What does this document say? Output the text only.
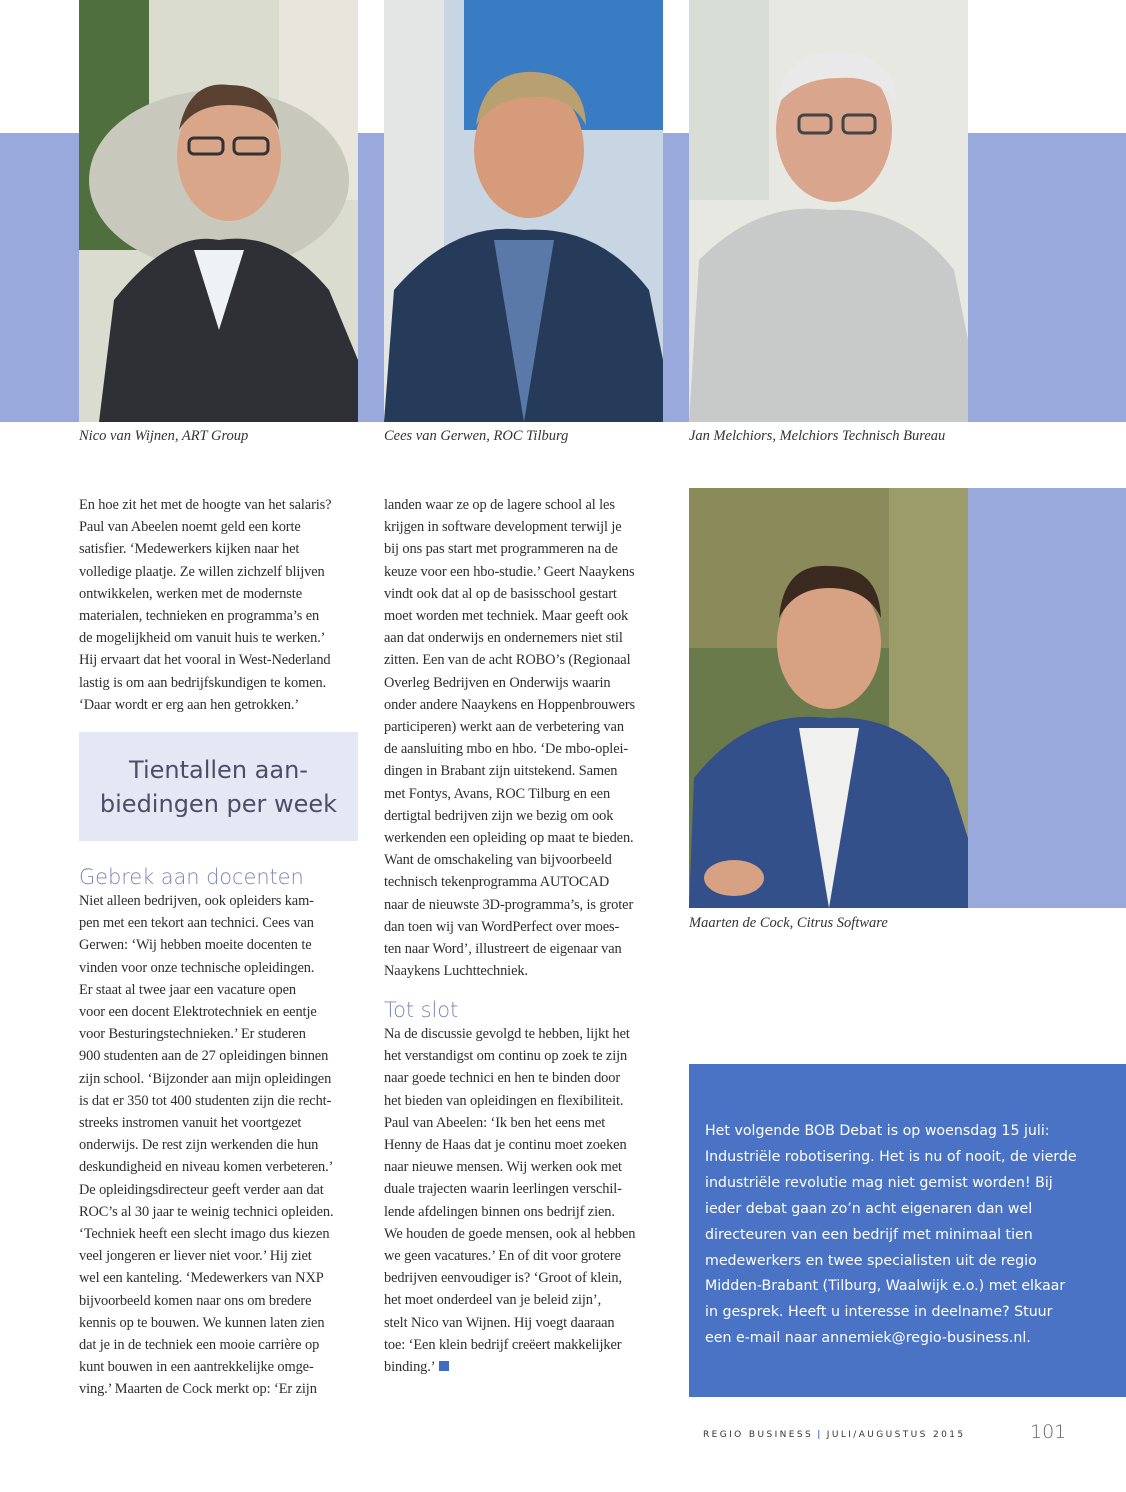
Nico van Wijnen, ART Group	Cees van Gerwen, ROC Tilburg	Jan Melchiors, Melchiors Technisch Bureau
Maarten de Cock, Citrus Software

En hoe zit het met de hoogte van het salaris?

Paul van Abeelen noemt geld een korte

satisfier. ‘Medewerkers kijken naar het

volledige plaatje. Ze willen zichzelf blijven

ontwikkelen, werken met de modernste

materialen, technieken en programma’s en

de mogelijkheid om vanuit huis te werken.’

Hij ervaart dat het vooral in West-Nederland

lastig is om aan bedrijfskundigen te komen.

‘Daar wordt er erg aan hen getrokken.’

Tientallen aan-
biedingen per week

Gebrek aan docenten

Niet alleen bedrijven, ook opleiders kam-

pen met een tekort aan technici. Cees van

Gerwen: ‘Wij hebben moeite docenten te

vinden voor onze technische opleidingen.

Er staat al twee jaar een vacature open

voor een docent Elektrotechniek en eentje

voor Besturingstechnieken.’ Er studeren

900 studenten aan de 27 opleidingen binnen

zijn school. ‘Bijzonder aan mijn opleidingen

is dat er 350 tot 400 studenten zijn die recht-

streeks instromen vanuit het voortgezet

onderwijs. De rest zijn werkenden die hun

deskundigheid en niveau komen verbeteren.’

De opleidingsdirecteur geeft verder aan dat

ROC’s al 30 jaar te weinig technici opleiden.

‘Techniek heeft een slecht imago dus kiezen

veel jongeren er liever niet voor.’ Hij ziet

wel een kanteling. ‘Medewerkers van NXP

bijvoorbeeld komen naar ons om bredere

kennis op te bouwen. We kunnen laten zien

dat je in de techniek een mooie carrière op

kunt bouwen in een aantrekkelijke omge-

ving.’ Maarten de Cock merkt op: ‘Er zijn

landen waar ze op de lagere school al les

krijgen in software development terwijl je

bij ons pas start met programmeren na de

keuze voor een hbo-studie.’ Geert Naaykens

vindt ook dat al op de basisschool gestart

moet worden met techniek. Maar geeft ook

aan dat onderwijs en ondernemers niet stil

zitten. Een van de acht ROBO’s (Regionaal

Overleg Bedrijven en Onderwijs waarin

onder andere Naaykens en Hoppenbrouwers

participeren) werkt aan de verbetering van

de aansluiting mbo en hbo. ‘De mbo-oplei-

dingen in Brabant zijn uitstekend. Samen

met Fontys, Avans, ROC Tilburg en een

dertigtal bedrijven zijn we bezig om ook

werkenden een opleiding op maat te bieden.

Want de omschakeling van bijvoorbeeld

technisch tekenprogramma AUTOCAD

naar de nieuwste 3D-programma’s, is groter

dan toen wij van WordPerfect over moes-

ten naar Word’, illustreert de eigenaar van

Naaykens Luchttechniek.

Tot slot

Na de discussie gevolgd te hebben, lijkt het

het verstandigst om continu op zoek te zijn

naar goede technici en hen te binden door

het bieden van opleidingen en flexibiliteit.

Paul van Abeelen: ‘Ik ben het eens met

Henny de Haas dat je continu moet zoeken

naar nieuwe mensen. Wij werken ook met

duale trajecten waarin leerlingen verschil-

lende afdelingen binnen ons bedrijf zien.

We houden de goede mensen, ook al hebben

we geen vacatures.’ En of dit voor grotere

bedrijven eenvoudiger is? ‘Groot of klein,

het moet onderdeel van je beleid zijn’,

stelt Nico van Wijnen. Hij voegt daaraan

toe: ‘Een klein bedrijf creëert makkelijker

binding.’

Het volgende BOB Debat is op woensdag 15 juli:

Industriële robotisering. Het is nu of nooit, de vierde

industriële revolutie mag niet gemist worden! Bij

ieder debat gaan zo’n acht eigenaren dan wel

directeuren van een bedrijf met minimaal tien

medewerkers en twee specialisten uit de regio

Midden-Brabant (Tilburg, Waalwijk e.o.) met elkaar

in gesprek. Heeft u interesse in deelname? Stuur

een e-mail naar annemiek@regio-business.nl.

REGIO BUSINESS | JULI/AUGUSTUS 2015	101
